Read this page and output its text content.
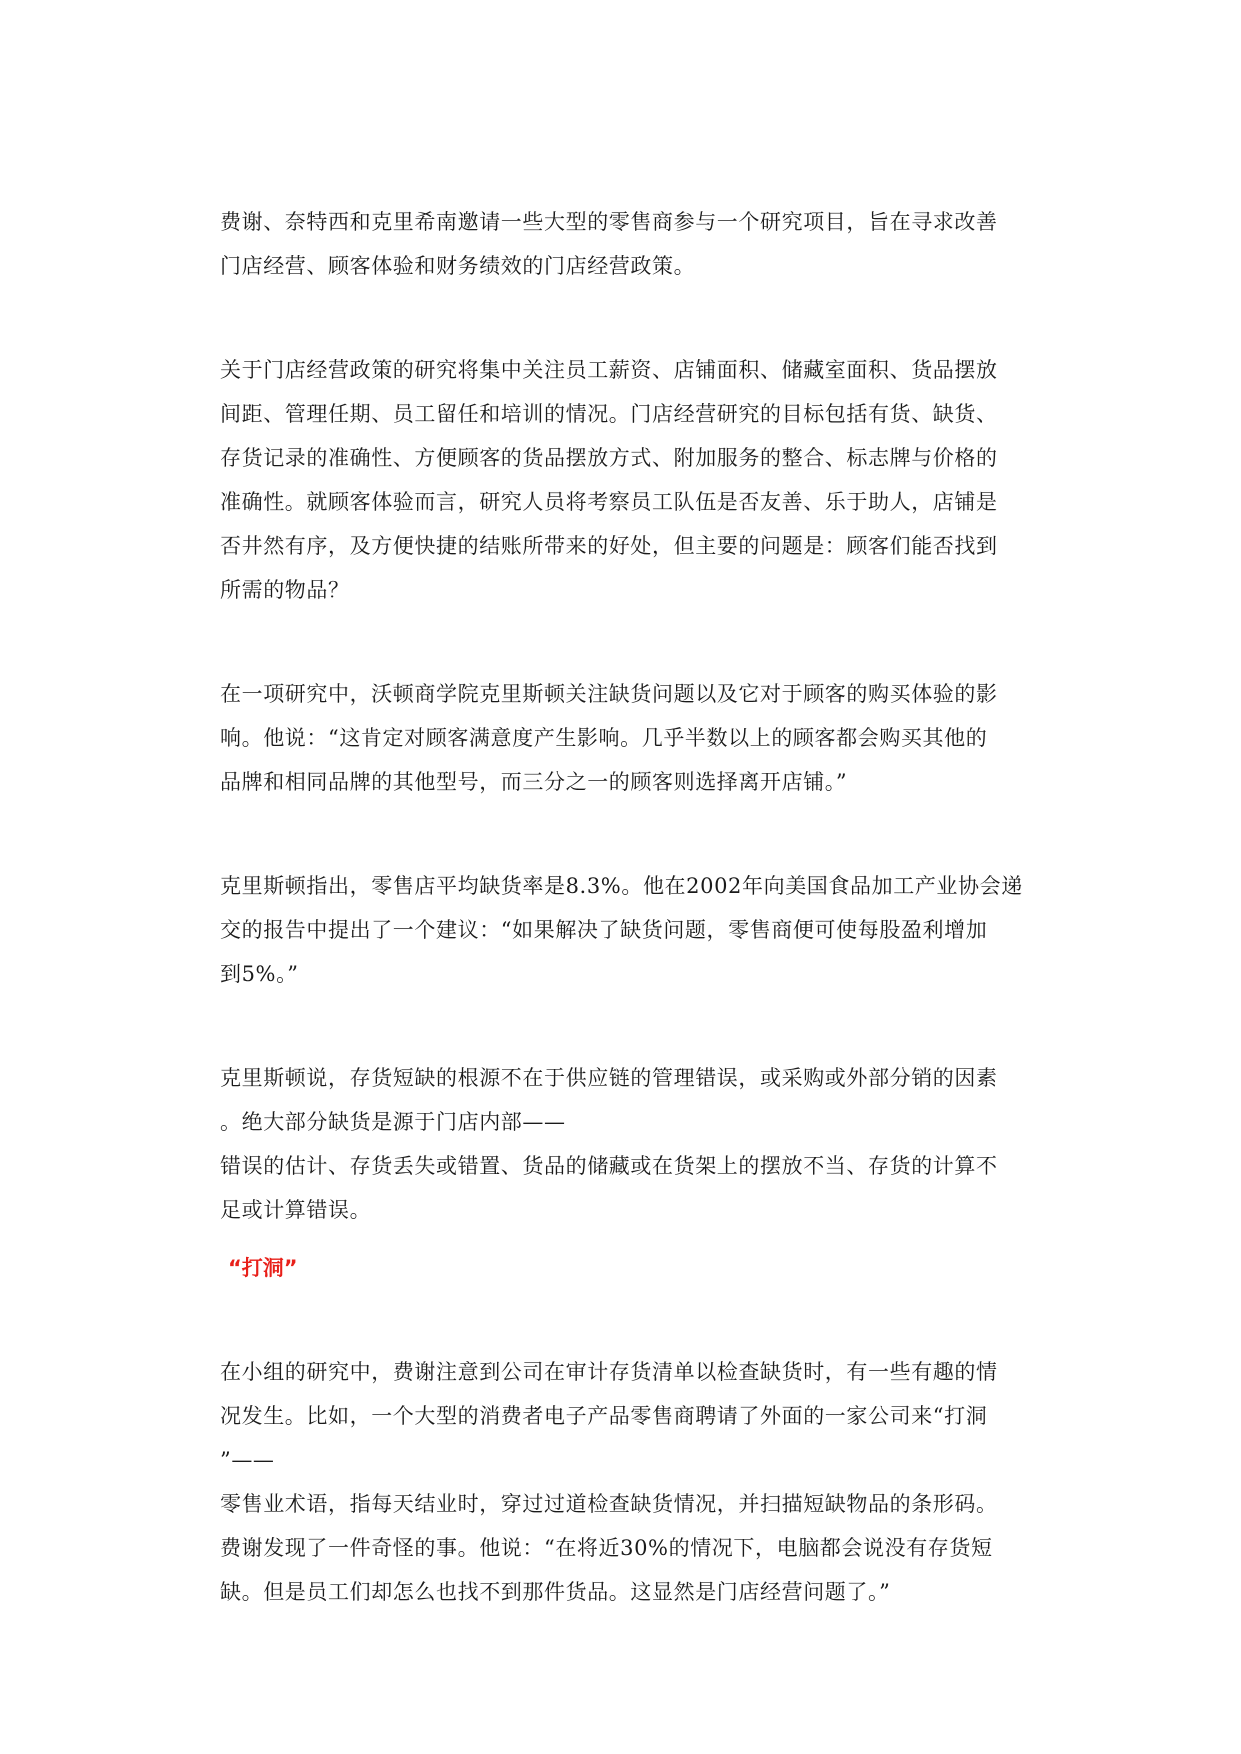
费谢、奈特西和克里希南邀请一些大型的零售商参与一个研究项目，旨在寻求改善
门店经营、顾客体验和财务绩效的门店经营政策。
关于门店经营政策的研究将集中关注员工薪资、店铺面积、储藏室面积、货品摆放
间距、管理任期、员工留任和培训的情况。门店经营研究的目标包括有货、缺货、
存货记录的准确性、方便顾客的货品摆放方式、附加服务的整合、标志牌与价格的
准确性。就顾客体验而言，研究人员将考察员工队伍是否友善、乐于助人，店铺是
否井然有序，及方便快捷的结账所带来的好处，但主要的问题是：顾客们能否找到
所需的物品？
在一项研究中，沃顿商学院克里斯顿关注缺货问题以及它对于顾客的购买体验的影
响。他说：“这肯定对顾客满意度产生影响。几乎半数以上的顾客都会购买其他的
品牌和相同品牌的其他型号，而三分之一的顾客则选择离开店铺。”
克里斯顿指出，零售店平均缺货率是8.3%。他在2002年向美国食品加工产业协会递
交的报告中提出了一个建议：“如果解决了缺货问题，零售商便可使每股盈利增加
到5%。”
克里斯顿说，存货短缺的根源不在于供应链的管理错误，或采购或外部分销的因素
。绝大部分缺货是源于门店内部——
错误的估计、存货丢失或错置、货品的储藏或在货架上的摆放不当、存货的计算不
足或计算错误。
“打洞”
在小组的研究中，费谢注意到公司在审计存货清单以检查缺货时，有一些有趣的情
况发生。比如，一个大型的消费者电子产品零售商聘请了外面的一家公司来“打洞
”——
零售业术语，指每天结业时，穿过过道检查缺货情况，并扫描短缺物品的条形码。
费谢发现了一件奇怪的事。他说：“在将近30%的情况下，电脑都会说没有存货短
缺。但是员工们却怎么也找不到那件货品。这显然是门店经营问题了。”
